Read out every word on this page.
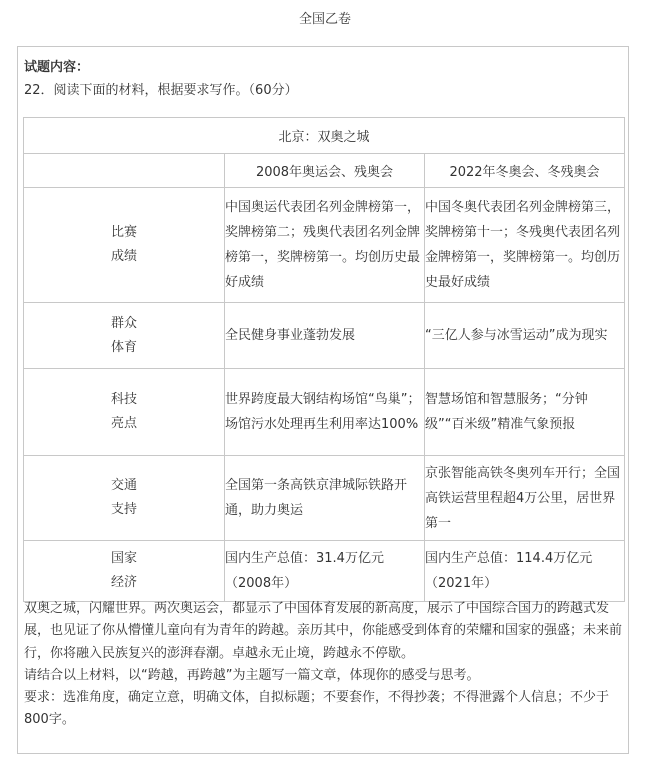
全国乙卷
试题内容：
22．阅读下面的材料，根据要求写作。（60分）
北京：双奥之城		
	2008年奥运会、残奥会	2022年冬奥会、冬残奥会

比赛
成绩	中国奥运代表团名列金牌榜第一，奖牌榜第二；残奥代表团名列金牌榜第一，奖牌榜第一。均创历史最好成绩	中国冬奥代表团名列金牌榜第三，奖牌榜第十一；冬残奥代表团名列金牌榜第一，奖牌榜第一。均创历史最好成绩

群众
体育	全民健身事业蓬勃发展	“三亿人参与冰雪运动”成为现实

科技
亮点	世界跨度最大钢结构场馆“鸟巢”；场馆污水处理再生利用率达100%	智慧场馆和智慧服务；“分钟级”“百米级”精准气象预报

交通
支持	全国第一条高铁京津城际铁路开通，助力奥运	京张智能高铁冬奥列车开行；全国高铁运营里程超4万公里，居世界第一

国家
经济	国内生产总值：31.4万亿元（2008年）	国内生产总值：114.4万亿元（2021年）

双奥之城，闪耀世界。两次奥运会，都显示了中国体育发展的新高度，展示了中国综合国力的跨越式发展，也见证了你从懵懂儿童向有为青年的跨越。亲历其中，你能感受到体育的荣耀和国家的强盛；未来前行，你将融入民族复兴的澎湃春潮。卓越永无止境，跨越永不停歇。

请结合以上材料，以“跨越，再跨越”为主题写一篇文章，体现你的感受与思考。

要求：选准角度，确定立意，明确文体，自拟标题；不要套作，不得抄袭；不得泄露个人信息；不少于800字。
